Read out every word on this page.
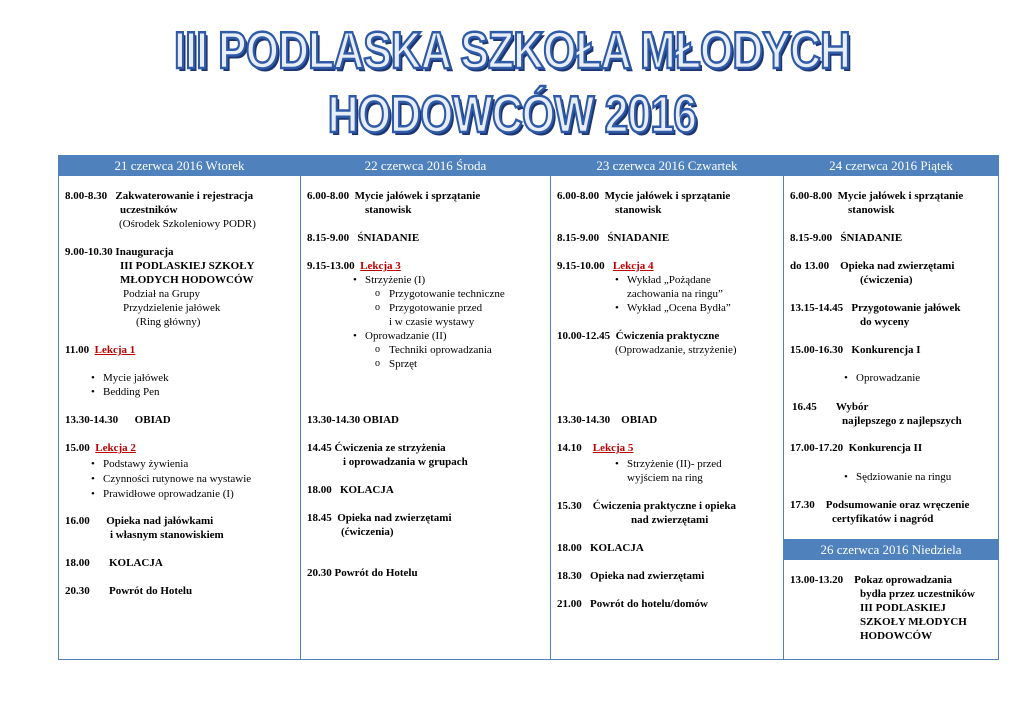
III PODLASKA SZKOŁA MŁODYCH
HODOWCÓW 2016
21 czerwca 2016 Wtorek
8.00-8.30 Zakwaterowanie i rejestracja
uczestników
(Ośrodek Szkoleniowy PODR)
9.00-10.30 Inauguracja
III PODLASKIEJ SZKOŁY
MŁODYCH HODOWCÓW
Podział na Grupy
Przydzielenie jałówek
(Ring główny)
11.00 Lekcja 1
• Mycie jałówek
• Bedding Pen
13.30-14.30 OBIAD
15.00 Lekcja 2
• Podstawy żywienia
• Czynności rutynowe na wystawie
• Prawidłowe oprowadzanie (I)
16.00 Opieka nad jałówkami
i własnym stanowiskiem
18.00 KOLACJA
20.30 Powrót do Hotelu
22 czerwca 2016 Środa
6.00-8.00 Mycie jałówek i sprzątanie
stanowisk
8.15-9.00 ŚNIADANIE
9.15-13.00 Lekcja 3
• Strzyżenie (I)
o Przygotowanie techniczne
o Przygotowanie przed
i w czasie wystawy
• Oprowadzanie (II)
o Techniki oprowadzania
o Sprzęt
13.30-14.30 OBIAD
14.45 Ćwiczenia ze strzyżenia
i oprowadzania w grupach
18.00 KOLACJA
18.45 Opieka nad zwierzętami
(ćwiczenia)
20.30 Powrót do Hotelu
23 czerwca 2016 Czwartek
6.00-8.00 Mycie jałówek i sprzątanie
stanowisk
8.15-9.00 ŚNIADANIE
9.15-10.00 Lekcja 4
• Wykład „Pożądane
zachowania na ringu”
• Wykład „Ocena Bydła”
10.00-12.45 Ćwiczenia praktyczne
(Oprowadzanie, strzyżenie)
13.30-14.30 OBIAD
14.10 Lekcja 5
• Strzyżenie (II)- przed
wyjściem na ring
15.30 Ćwiczenia praktyczne i opieka
nad zwierzętami
18.00 KOLACJA
18.30 Opieka nad zwierzętami
21.00 Powrót do hotelu/domów
24 czerwca 2016 Piątek
6.00-8.00 Mycie jałówek i sprzątanie
stanowisk
8.15-9.00 ŚNIADANIE
do 13.00 Opieka nad zwierzętami
(ćwiczenia)
13.15-14.45 Przygotowanie jałówek
do wyceny
15.00-16.30 Konkurencja I
• Oprowadzanie
16.45 Wybór
najlepszego z najlepszych
17.00-17.20 Konkurencja II
• Sędziowanie na ringu
17.30 Podsumowanie oraz wręczenie
certyfikatów i nagród
26 czerwca 2016 Niedziela
13.00-13.20 Pokaz oprowadzania
bydła przez uczestników
III PODLASKIEJ
SZKOŁY MŁODYCH
HODOWCÓW
